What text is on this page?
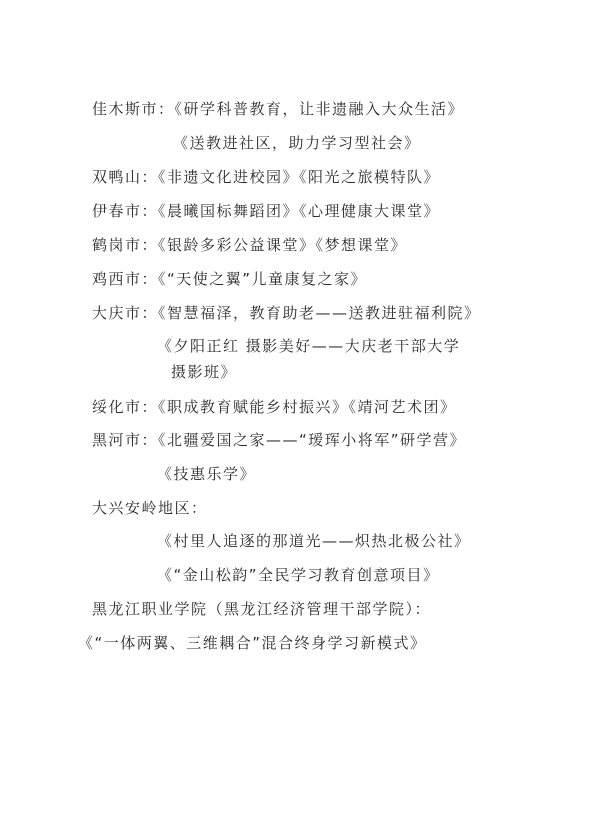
佳木斯市：《研学科普教育，让非遗融入大众生活》
《送教进社区，助力学习型社会》
双鸭山：《非遗文化进校园》《阳光之旅模特队》
伊春市：《晨曦国标舞蹈团》《心理健康大课堂》
鹤岗市：《银龄多彩公益课堂》《梦想课堂》
鸡西市：《“天使之翼”儿童康复之家》
大庆市：《智慧福泽，教育助老——送教进驻福利院》
《夕阳正红 摄影美好——大庆老干部大学
摄影班》
绥化市：《职成教育赋能乡村振兴》《靖河艺术团》
黑河市：《北疆爱国之家——“瑷珲小将军”研学营》
《技惠乐学》
大兴安岭地区：
《村里人追逐的那道光——炽热北极公社》
《“金山松韵”全民学习教育创意项目》
黑龙江职业学院（黑龙江经济管理干部学院）：
《“一体两翼、三维耦合”混合终身学习新模式》
